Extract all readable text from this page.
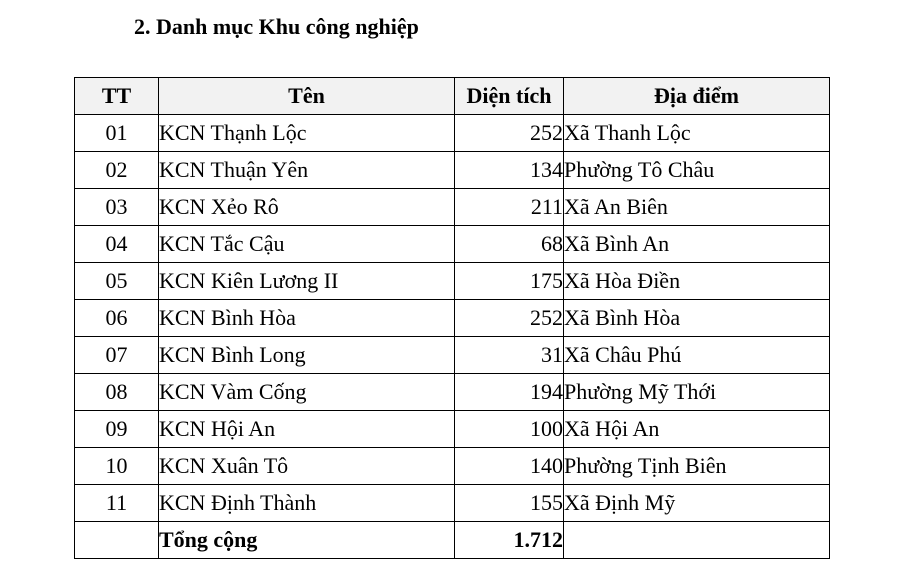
2. Danh mục Khu công nghiệp
TT	Tên	Diện tích	Địa điểm
01	KCN Thạnh Lộc	252	Xã Thanh Lộc
02	KCN Thuận Yên	134	Phường Tô Châu
03	KCN Xẻo Rô	211	Xã An Biên
04	KCN Tắc Cậu	68	Xã Bình An
05	KCN Kiên Lương II	175	Xã Hòa Điền
06	KCN Bình Hòa	252	Xã Bình Hòa
07	KCN Bình Long	31	Xã Châu Phú
08	KCN Vàm Cống	194	Phường Mỹ Thới
09	KCN Hội An	100	Xã Hội An
10	KCN Xuân Tô	140	Phường Tịnh Biên
11	KCN Định Thành	155	Xã Định Mỹ
	Tổng cộng	1.712	
